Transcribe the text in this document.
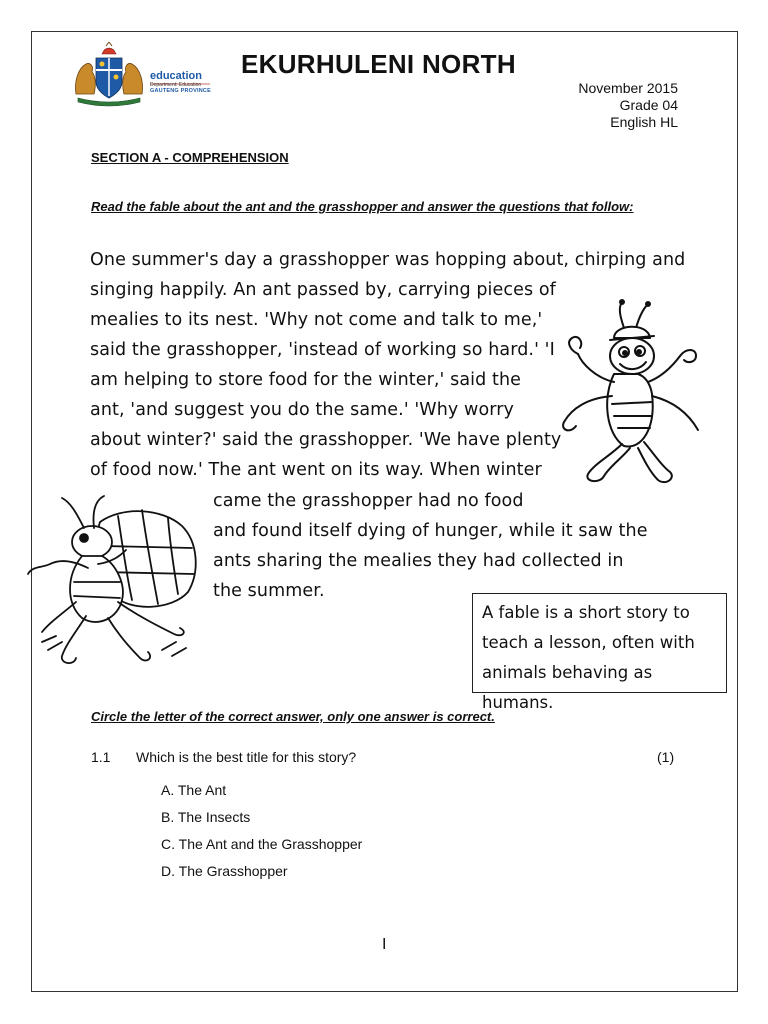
education
Department: Education
GAUTENG PROVINCE
EKURHULENI NORTH
November 2015
Grade 04
English HL
SECTION A - COMPREHENSION
Read the fable about the ant and the grasshopper and answer the questions that follow:
One summer's day a grasshopper was hopping about, chirping and
singing happily. An ant passed by, carrying pieces of
mealies to its nest. 'Why not come and talk to me,'
said the grasshopper, 'instead of working so hard.' 'I
am helping to store food for the winter,' said the
ant, 'and suggest you do the same.' 'Why worry
about winter?' said the grasshopper. 'We have plenty
of food now.' The ant went on its way. When winter
came the grasshopper had no food
and found itself dying of hunger, while it saw the
ants sharing the mealies they had collected in
the summer.
A fable is a short story to
teach a lesson, often with
animals behaving as humans.
Circle the letter of the correct answer, only one answer is correct.
1.1 Which is the best title for this story?	(1)
A. The Ant
B. The Insects
C. The Ant and the Grasshopper
D. The Grasshopper
I
